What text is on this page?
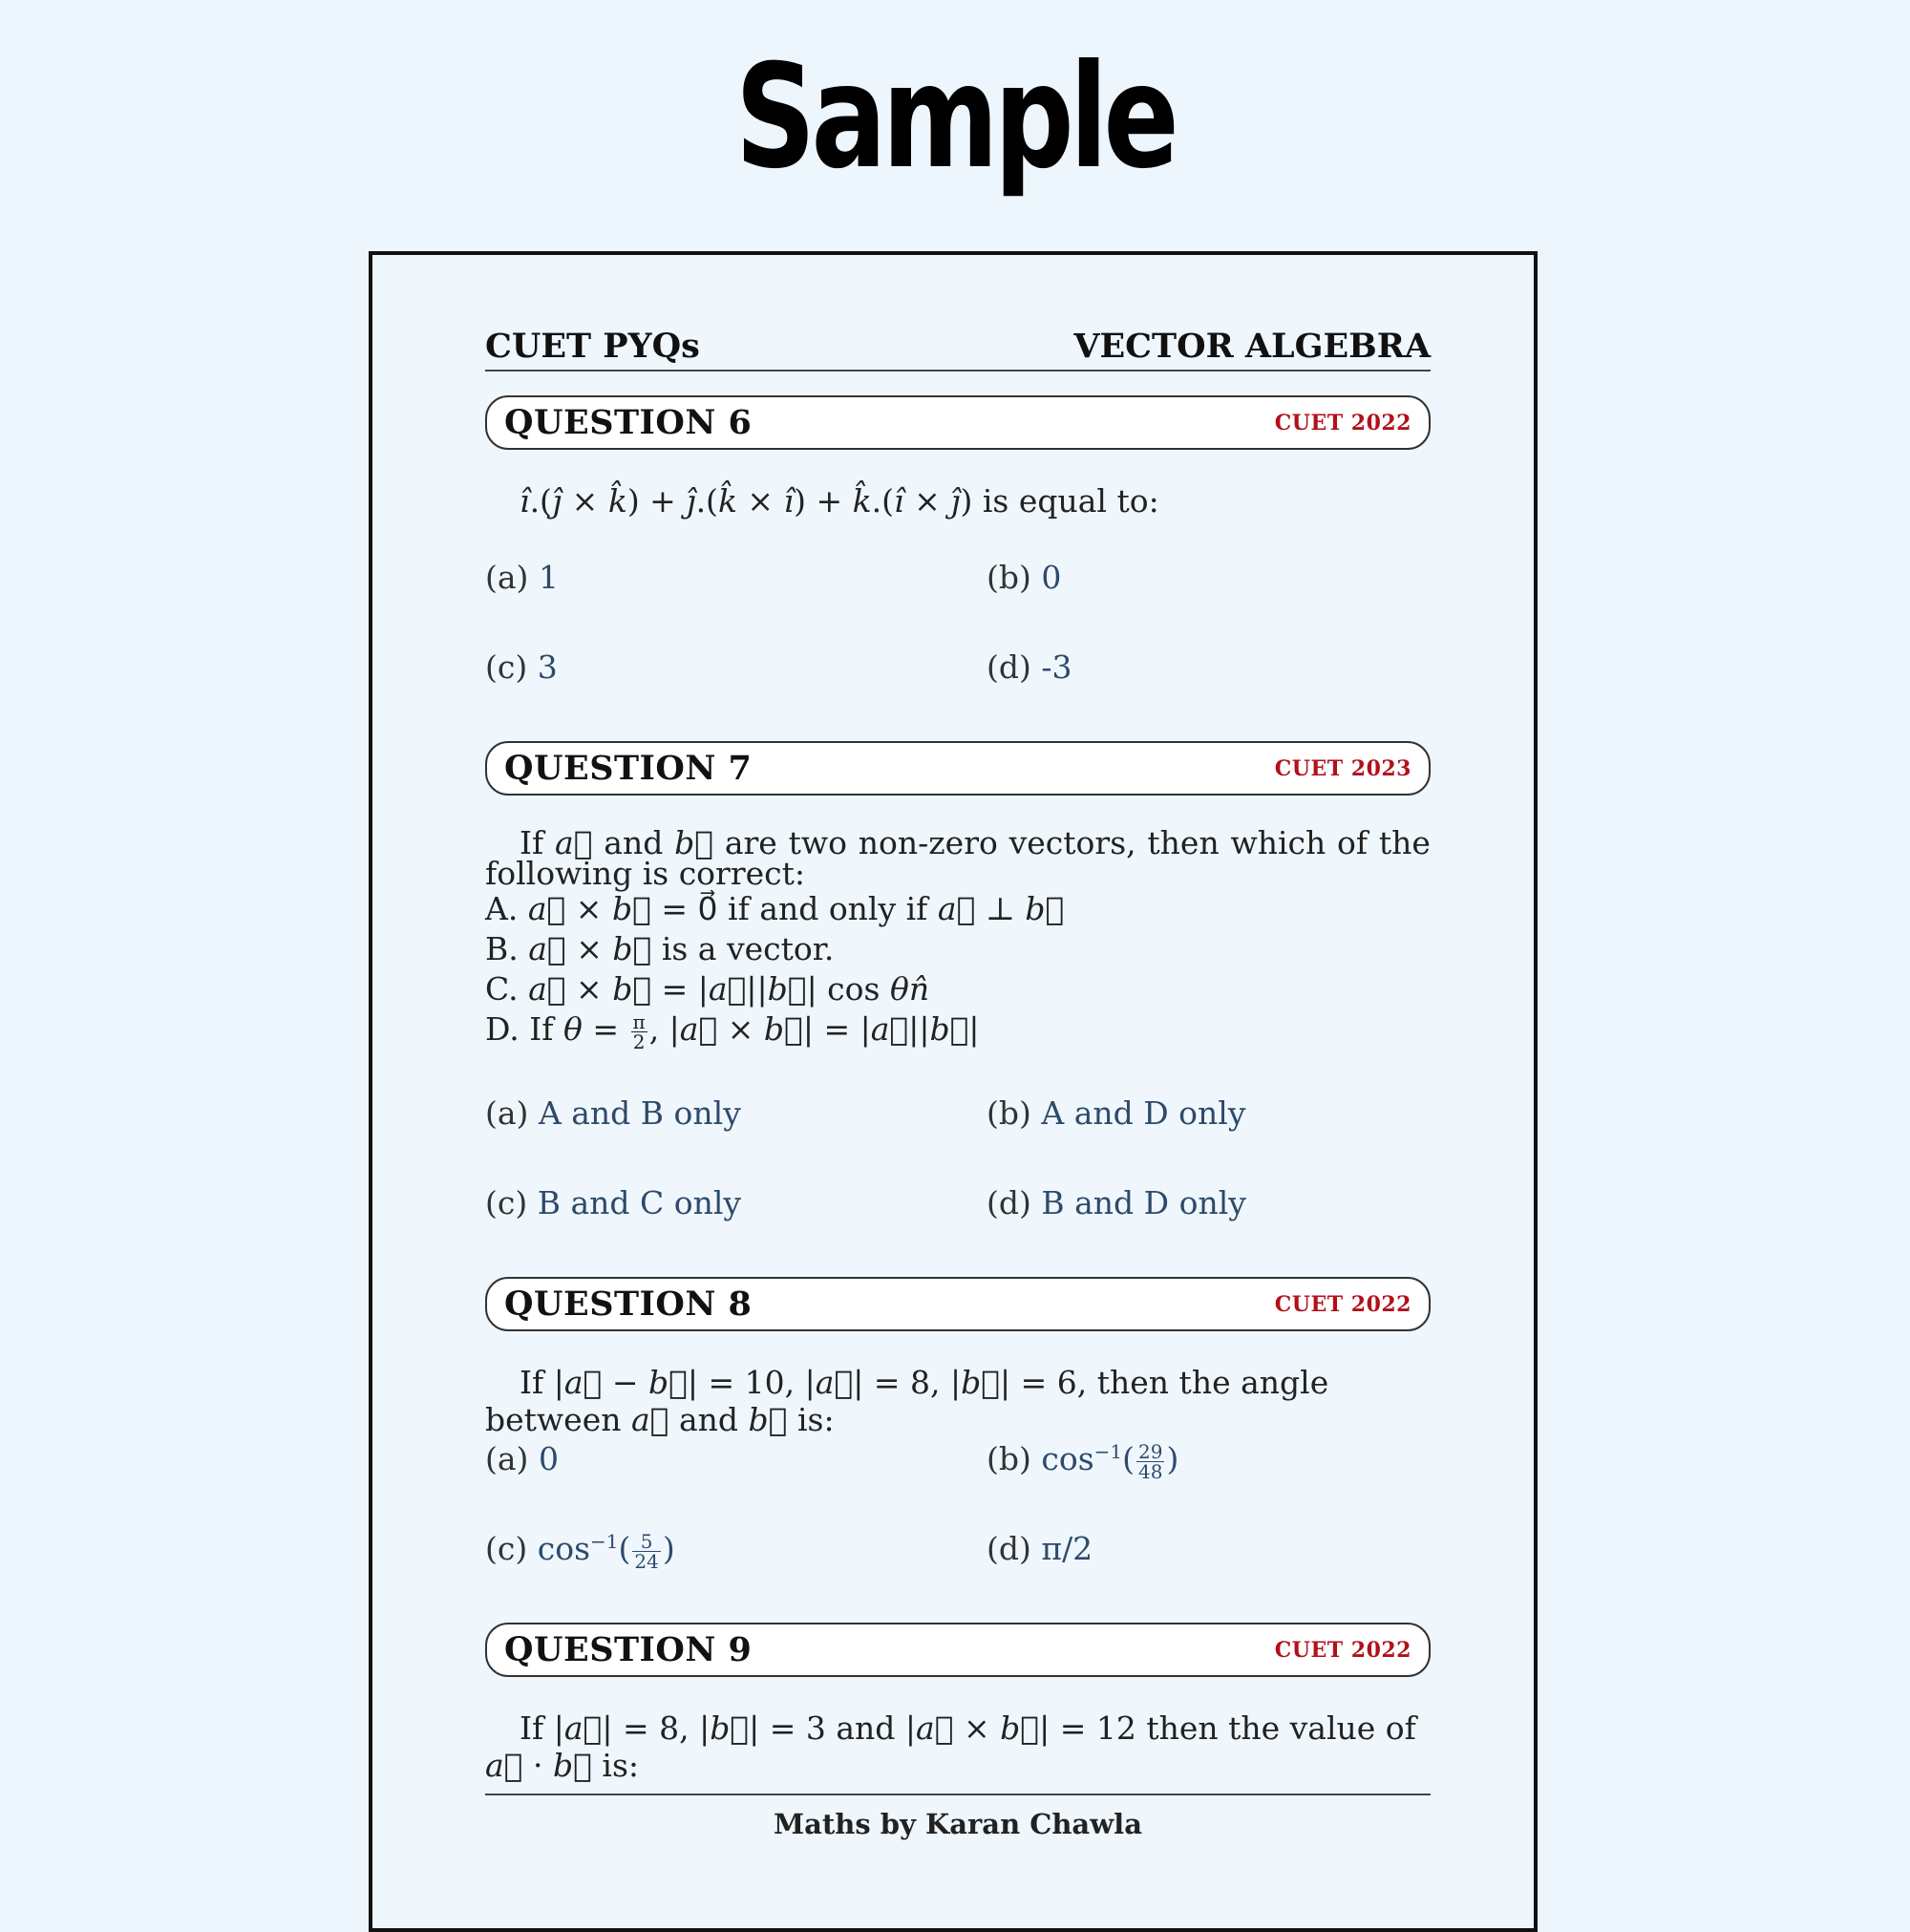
Sample
CUET PYQs	VECTOR ALGEBRA
QUESTION 6	CUET 2022
î.(ĵ × k̂) + ĵ.(k̂ × î) + k̂.(î × ĵ) is equal to:
(a) 1	(b) 0
(c) 3	(d) -3
QUESTION 7	CUET 2023
If a⃗ and b⃗ are two non-zero vectors, then which of the following is correct:
A. a⃗ × b⃗ = 0⃗ if and only if a⃗ ⊥ b⃗
B. a⃗ × b⃗ is a vector.
C. a⃗ × b⃗ = |a⃗||b⃗| cos θn̂
D. If $\theta = \frac{\pi}{2}$ , |a⃗ × b⃗| = |a⃗||b⃗|
(a) A and B only	(b) A and D only
(c) B and C only	(d) B and D only
QUESTION 8	CUET 2022
If |a⃗ − b⃗| = 10, |a⃗| = 8, |b⃗| = 6, then the angle between a⃗ and b⃗ is:
(a) 0	(b) $\cos^{-1}( \frac{29}{48}$ )
(c) $\cos^{-1}( \frac{5}{24}$ )	(d) π/2
QUESTION 9	CUET 2022
If |a⃗| = 8, |b⃗| = 3 and |a⃗ × b⃗| = 12 then the value of a⃗ · b⃗ is:
Maths by Karan Chawla
